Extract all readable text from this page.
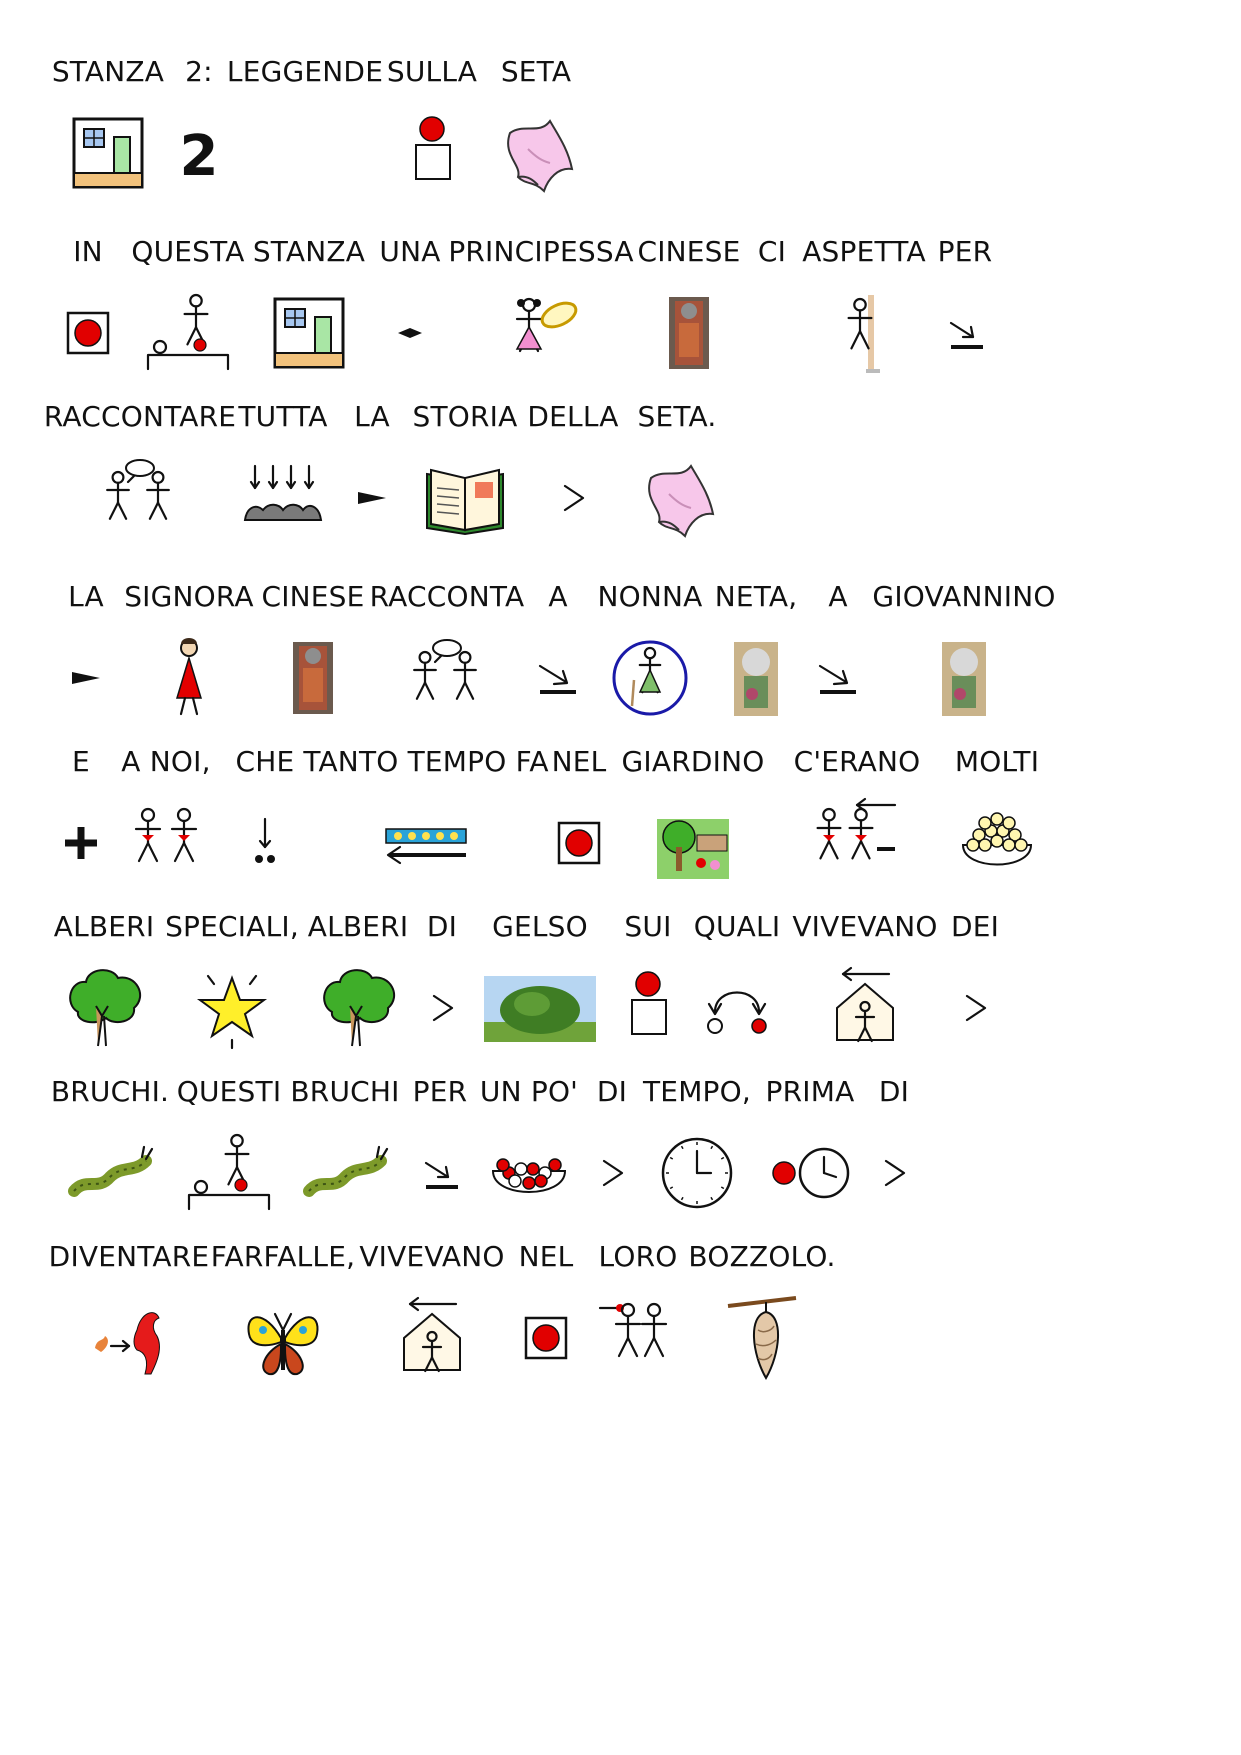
STANZA 2:
2
LEGGENDE SULLA SETA
IN QUESTA STANZA UNA PRINCIPESSA CINESE CI ASPETTA PER
RACCONTARE TUTTA LA STORIA DELLA SETA.
LA SIGNORA CINESE RACCONTA A NONNA NETA, A GIOVANNINO
E A NOI, CHE TANTO TEMPO FA NEL GIARDINO C'ERANO MOLTI
ALBERI SPECIALI, ALBERI DI GELSO SUI QUALI VIVEVANO DEI
BRUCHI. QUESTI BRUCHI PER UN PO' DI TEMPO, PRIMA DI
DIVENTARE FARFALLE, VIVEVANO NEL LORO BOZZOLO.
